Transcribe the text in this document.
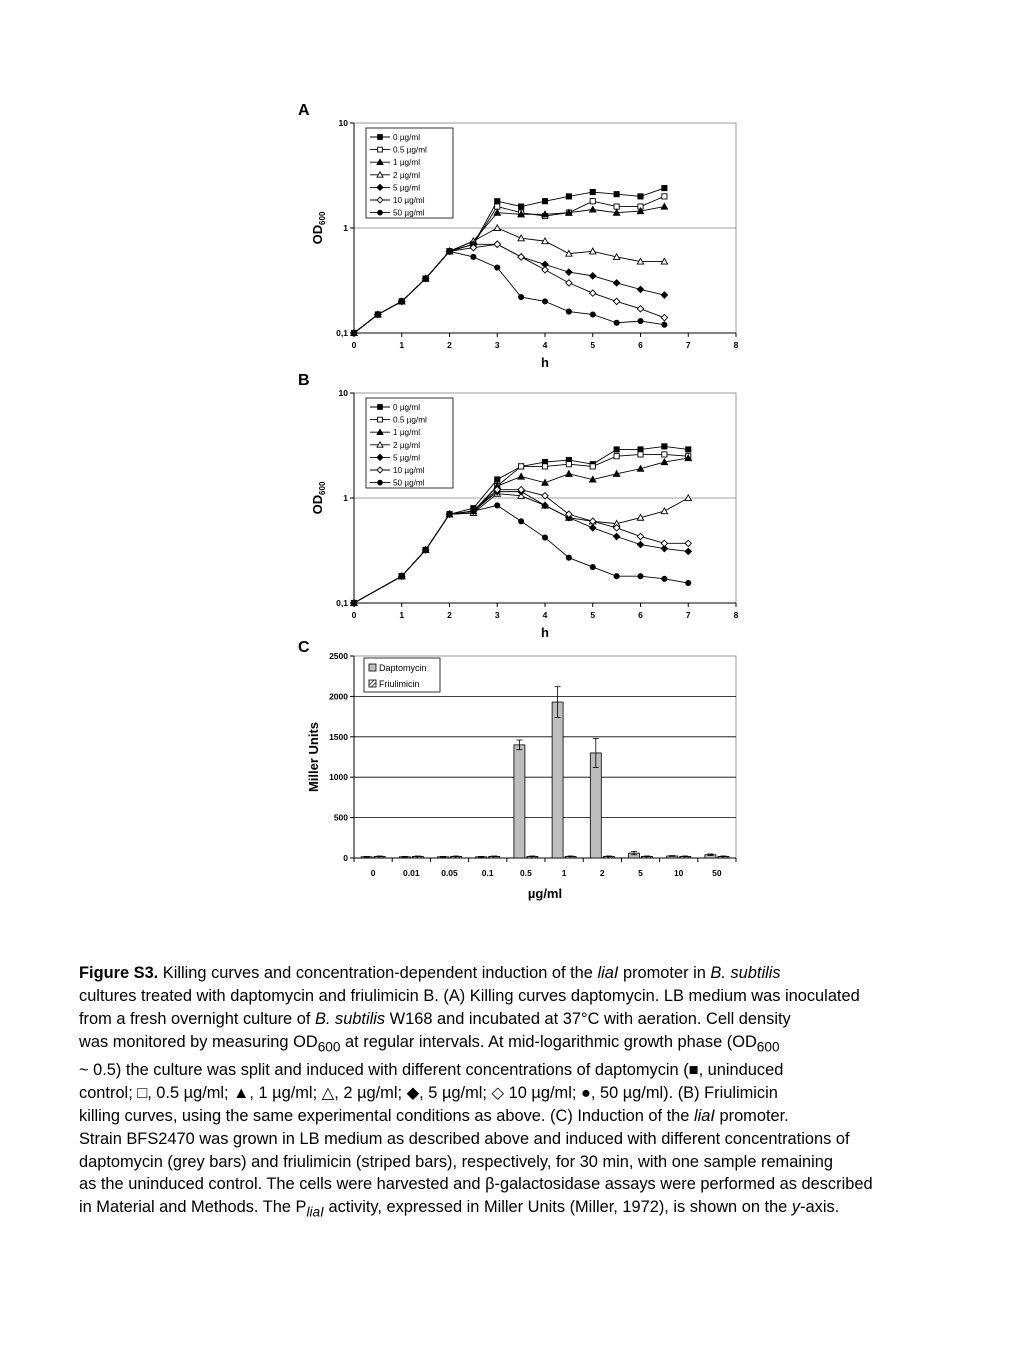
A
0,1
1
10
0	1	2	3	4	5	6	7	8
h
$OD_{600}$
0 µg/ml
0.5 µg/ml
1 µg/ml
2 µg/ml
5 µg/ml
10 µg/ml
50 µg/ml
B
0,1
1
10
0	1	2	3	4	5	6	7	8
h
$OD_{600}$
0 µg/ml
0.5 µg/ml
1 µg/ml
2 µg/ml
5 µg/ml
10 µg/ml
50 µg/ml
C
0
500
1000
1500
2000
2500
0	0.01	0.05	0.1	0.5	1	2	5	10	50
µg/ml
Miller Units
Daptomycin
Friulimicin
Figure S3. Killing curves and concentration-dependent induction of the liaI promoter in B. subtilis
cultures treated with daptomycin and friulimicin B. (A) Killing curves daptomycin. LB medium was inoculated
from a fresh overnight culture of B. subtilis W168 and incubated at 37°C with aeration. Cell density
was monitored by measuring $OD_{600}$ at regular intervals. At mid-logarithmic growth phase ($OD_{600}$
~ 0.5) the culture was split and induced with different concentrations of daptomycin (■, uninduced
control; □, 0.5 µg/ml; ▲, 1 µg/ml; △, 2 µg/ml; ◆, 5 µg/ml; ◇ 10 µg/ml; ●, 50 µg/ml). (B) Friulimicin
killing curves, using the same experimental conditions as above. (C) Induction of the liaI promoter.
Strain BFS2470 was grown in LB medium as described above and induced with different concentrations of
daptomycin (grey bars) and friulimicin (striped bars), respectively, for 30 min, with one sample remaining
as the uninduced control. The cells were harvested and β-galactosidase assays were performed as described
in Material and Methods. The $P_{liaI}$ activity, expressed in Miller Units (Miller, 1972), is shown on the y-axis.
